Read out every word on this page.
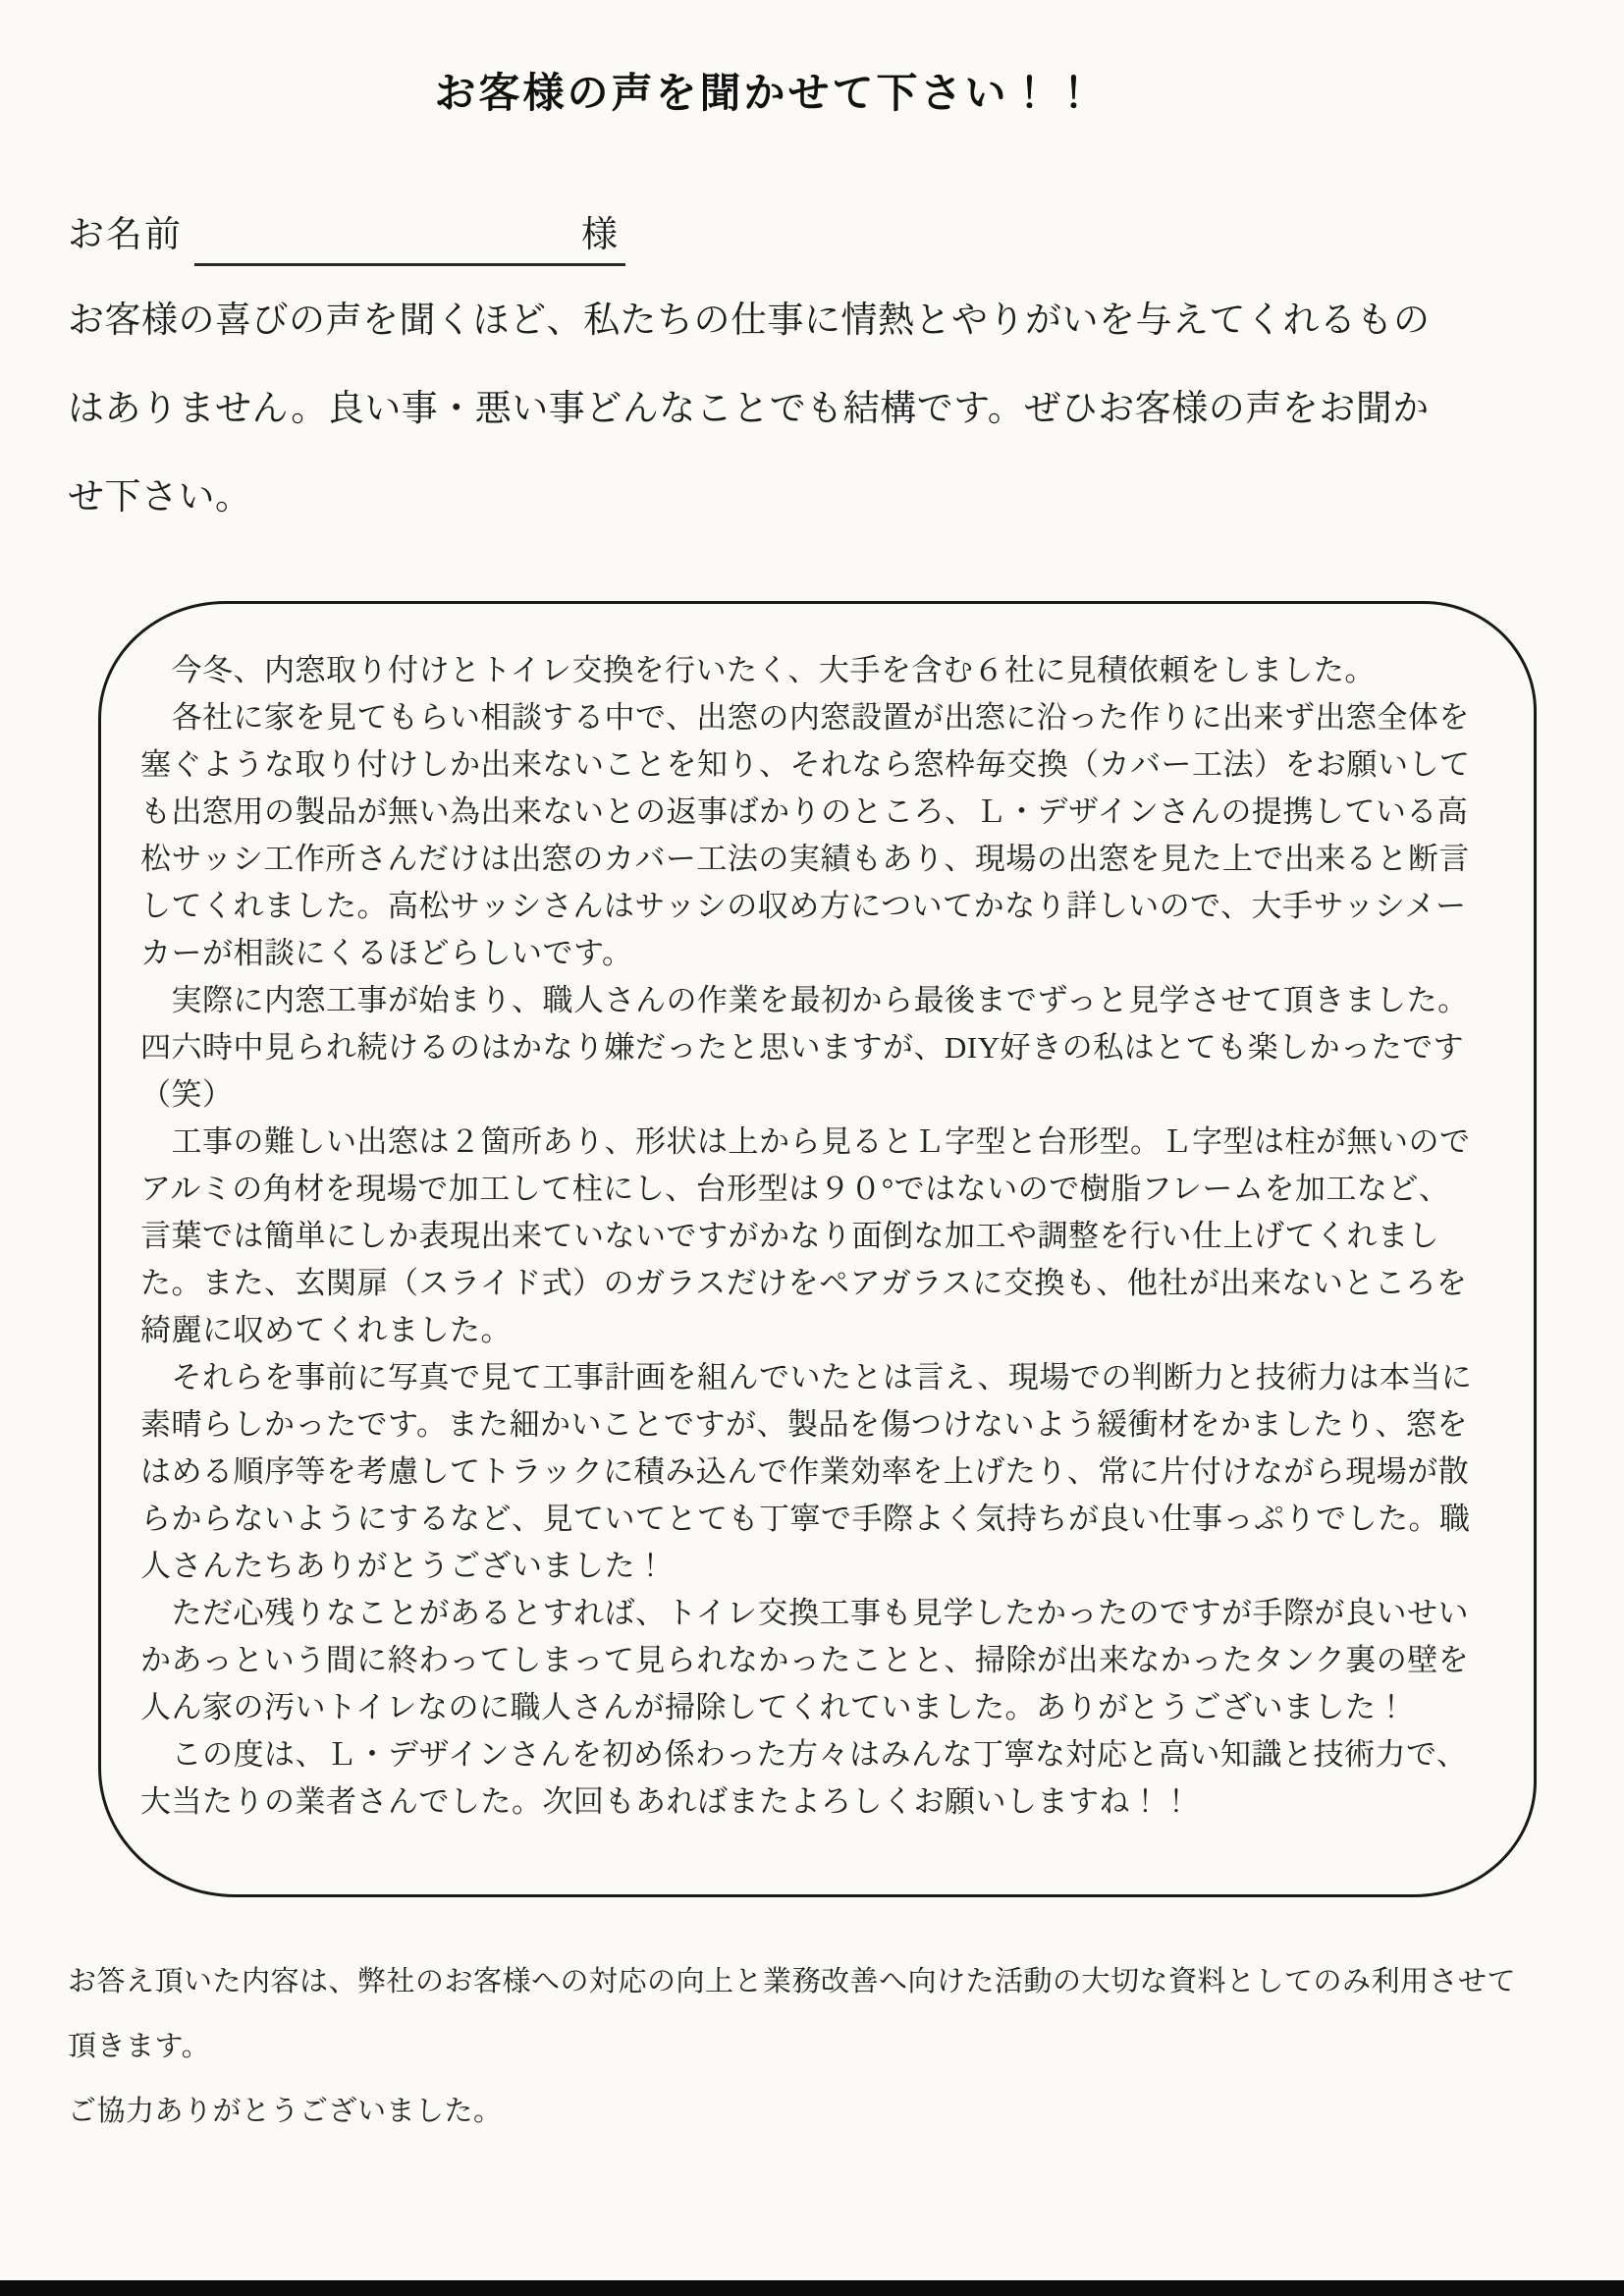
お客様の声を聞かせて下さい！！
お名前	様
お客様の喜びの声を聞くほど、私たちの仕事に情熱とやりがいを与えてくれるもの
はありません。良い事・悪い事どんなことでも結構です。ぜひお客様の声をお聞か
せ下さい。
　今冬、内窓取り付けとトイレ交換を行いたく、大手を含む６社に見積依頼をしました。
　各社に家を見てもらい相談する中で、出窓の内窓設置が出窓に沿った作りに出来ず出窓全体を
塞ぐような取り付けしか出来ないことを知り、それなら窓枠毎交換（カバー工法）をお願いして
も出窓用の製品が無い為出来ないとの返事ばかりのところ、Ｌ・デザインさんの提携している高
松サッシ工作所さんだけは出窓のカバー工法の実績もあり、現場の出窓を見た上で出来ると断言
してくれました。高松サッシさんはサッシの収め方についてかなり詳しいので、大手サッシメー
カーが相談にくるほどらしいです。
　実際に内窓工事が始まり、職人さんの作業を最初から最後までずっと見学させて頂きました。
四六時中見られ続けるのはかなり嫌だったと思いますが、DIY好きの私はとても楽しかったです
（笑）
　工事の難しい出窓は２箇所あり、形状は上から見るとＬ字型と台形型。Ｌ字型は柱が無いので
アルミの角材を現場で加工して柱にし、台形型は９０°ではないので樹脂フレームを加工など、
言葉では簡単にしか表現出来ていないですがかなり面倒な加工や調整を行い仕上げてくれまし
た。また、玄関扉（スライド式）のガラスだけをペアガラスに交換も、他社が出来ないところを
綺麗に収めてくれました。
　それらを事前に写真で見て工事計画を組んでいたとは言え、現場での判断力と技術力は本当に
素晴らしかったです。また細かいことですが、製品を傷つけないよう緩衝材をかましたり、窓を
はめる順序等を考慮してトラックに積み込んで作業効率を上げたり、常に片付けながら現場が散
らからないようにするなど、見ていてとても丁寧で手際よく気持ちが良い仕事っぷりでした。職
人さんたちありがとうございました！
　ただ心残りなことがあるとすれば、トイレ交換工事も見学したかったのですが手際が良いせい
かあっという間に終わってしまって見られなかったことと、掃除が出来なかったタンク裏の壁を
人ん家の汚いトイレなのに職人さんが掃除してくれていました。ありがとうございました！
　この度は、Ｌ・デザインさんを初め係わった方々はみんな丁寧な対応と高い知識と技術力で、
大当たりの業者さんでした。次回もあればまたよろしくお願いしますね！！
お答え頂いた内容は、弊社のお客様への対応の向上と業務改善へ向けた活動の大切な資料としてのみ利用させて
頂きます。
ご協力ありがとうございました。
